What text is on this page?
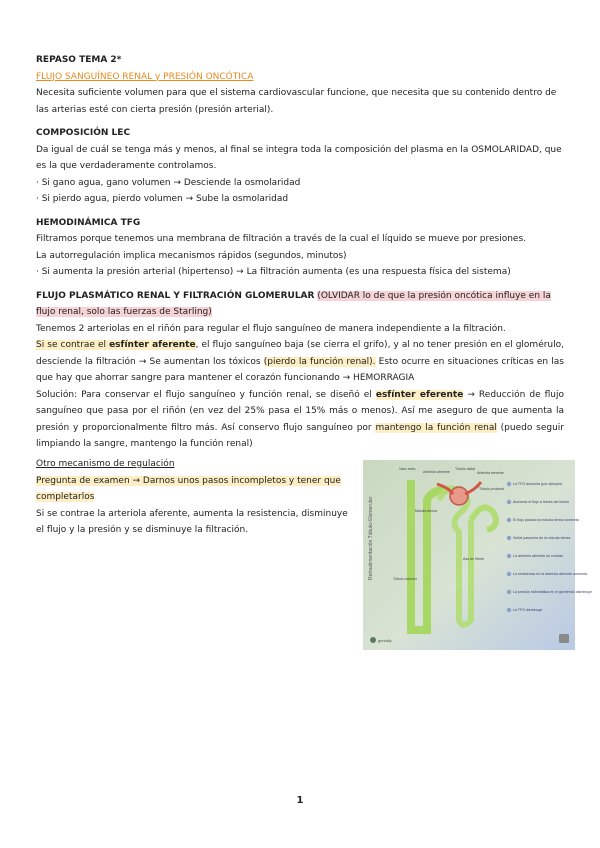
REPASO TEMA 2*

FLUJO SANGUÍNEO RENAL y PRESIÓN ONCÓTICA

Necesita suficiente volumen para que el sistema cardiovascular funcione, que necesita que su contenido dentro de las arterias esté con cierta presión (presión arterial).

COMPOSICIÓN LEC

Da igual de cuál se tenga más y menos, al final se integra toda la composición del plasma en la OSMOLARIDAD, que es la que verdaderamente controlamos.

· Si gano agua, gano volumen → Desciende la osmolaridad

· Si pierdo agua, pierdo volumen → Sube la osmolaridad

HEMODINÁMICA TFG

Filtramos porque tenemos una membrana de filtración a través de la cual el líquido se mueve por presiones.

La autorregulación implica mecanismos rápidos (segundos, minutos)

· Si aumenta la presión arterial (hipertenso) → La filtración aumenta (es una respuesta física del sistema)

FLUJO PLASMÁTICO RENAL Y FILTRACIÓN GLOMERULAR (OLVIDAR lo de que la presión oncótica influye en la flujo renal, solo las fuerzas de Starling)

Tenemos 2 arteriolas en el riñón para regular el flujo sanguíneo de manera independiente a la filtración.

Si se contrae el esfínter aferente, el flujo sanguíneo baja (se cierra el grifo), y al no tener presión en el glomérulo, desciende la filtración → Se aumentan los tóxicos (pierdo la función renal). Esto ocurre en situaciones críticas en las que hay que ahorrar sangre para mantener el corazón funcionando → HEMORRAGIA

Solución: Para conservar el flujo sanguíneo y función renal, se diseñó el esfínter eferente → Reducción de flujo sanguíneo que pasa por el riñón (en vez del 25% pasa el 15% más o menos). Así me aseguro de que aumenta la presión y proporcionalmente filtro más. Así conservo flujo sanguíneo por mantengo la función renal (puedo seguir limpiando la sangre, mantengo la función renal)

Otro mecanismo de regulación

Pregunta de examen → Darnos unos pasos incompletos y tener que completarlos

Si se contrae la arteriola aferente, aumenta la resistencia, disminuye el flujo y la presión y se disminuye la filtración.	Retroalimentación Túbulo-Glomerular
Vaso recto
Arteriola aferente
Túbulo distal
Arteriola eferente
Mácula densa
Túbulo proximal
Asa de Henle
Túbulo colector
La TFG aumenta (por ejemplo)
Aumenta el flujo a través del túbulo
El flujo pasado la mácula densa aumenta
Señal paracrina de la mácula densa
La arteriola aferente se contrae
La resistencia en la arteriola aferente aumenta
La presión hidrostática en el glomérulo disminuye
La TFG disminuye
genially
1
